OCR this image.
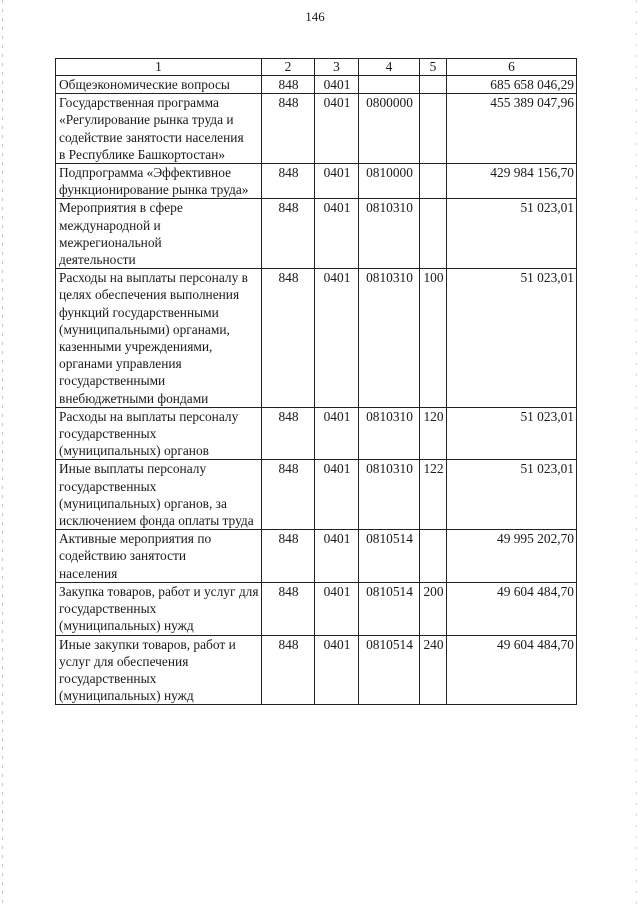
146
1	2	3	4	5	6
Общеэкономические вопросы	848	0401			685 658 046,29

Государственная программа «Регулирование рынка труда и содействие занятости населения в Республике Башкортостан»	848	0401	0800000		455 389 047,96

Подпрограмма «Эффективное функционирование рынка труда»	848	0401	0810000		429 984 156,70

Мероприятия в сфере международной и межрегиональной деятельности	848	0401	0810310		51 023,01

Расходы на выплаты персоналу в целях обеспечения выполнения функций государственными (муниципальными) органами, казенными учреждениями, органами управления государственными внебюджетными фондами	848	0401	0810310	100	51 023,01

Расходы на выплаты персоналу государственных (муниципальных) органов	848	0401	0810310	120	51 023,01

Иные выплаты персоналу государственных (муниципальных) органов, за исключением фонда оплаты труда	848	0401	0810310	122	51 023,01

Активные мероприятия по содействию занятости населения	848	0401	0810514		49 995 202,70

Закупка товаров, работ и услуг для государственных (муниципальных) нужд	848	0401	0810514	200	49 604 484,70

Иные закупки товаров, работ и услуг для обеспечения государственных (муниципальных) нужд	848	0401	0810514	240	49 604 484,70
